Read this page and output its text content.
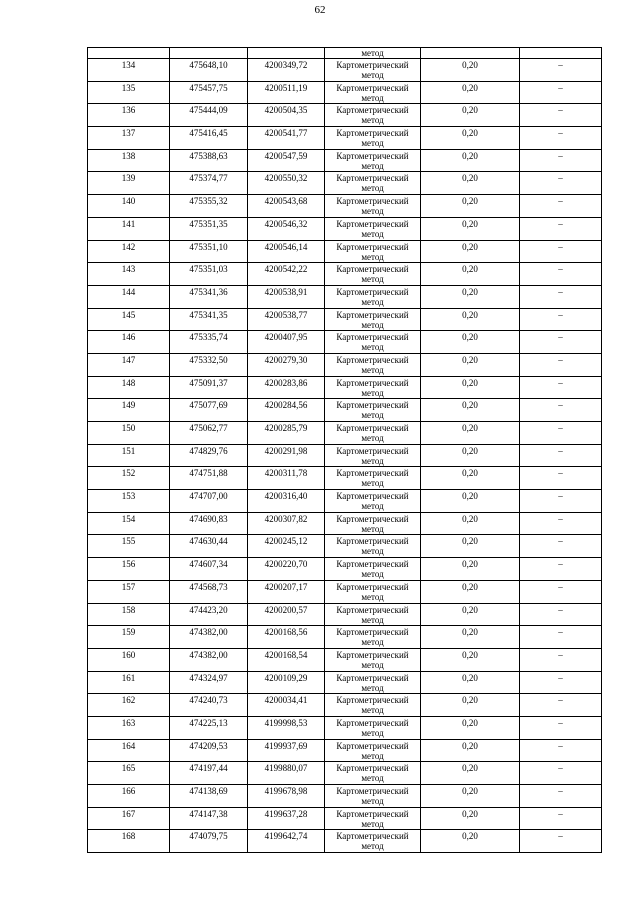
62
			метод		

134	475648,10	4200349,72	Картометрический
метод	0,20	–

135	475457,75	4200511,19	Картометрический
метод	0,20	–

136	475444,09	4200504,35	Картометрический
метод	0,20	–

137	475416,45	4200541,77	Картометрический
метод	0,20	–

138	475388,63	4200547,59	Картометрический
метод	0,20	–

139	475374,77	4200550,32	Картометрический
метод	0,20	–

140	475355,32	4200543,68	Картометрический
метод	0,20	–

141	475351,35	4200546,32	Картометрический
метод	0,20	–

142	475351,10	4200546,14	Картометрический
метод	0,20	–

143	475351,03	4200542,22	Картометрический
метод	0,20	–

144	475341,36	4200538,91	Картометрический
метод	0,20	–

145	475341,35	4200538,77	Картометрический
метод	0,20	–

146	475335,74	4200407,95	Картометрический
метод	0,20	–

147	475332,50	4200279,30	Картометрический
метод	0,20	–

148	475091,37	4200283,86	Картометрический
метод	0,20	–

149	475077,69	4200284,56	Картометрический
метод	0,20	–

150	475062,77	4200285,79	Картометрический
метод	0,20	–

151	474829,76	4200291,98	Картометрический
метод	0,20	–

152	474751,88	4200311,78	Картометрический
метод	0,20	–

153	474707,00	4200316,40	Картометрический
метод	0,20	–

154	474690,83	4200307,82	Картометрический
метод	0,20	–

155	474630,44	4200245,12	Картометрический
метод	0,20	–

156	474607,34	4200220,70	Картометрический
метод	0,20	–

157	474568,73	4200207,17	Картометрический
метод	0,20	–

158	474423,20	4200200,57	Картометрический
метод	0,20	–

159	474382,00	4200168,56	Картометрический
метод	0,20	–

160	474382,00	4200168,54	Картометрический
метод	0,20	–

161	474324,97	4200109,29	Картометрический
метод	0,20	–

162	474240,73	4200034,41	Картометрический
метод	0,20	–

163	474225,13	4199998,53	Картометрический
метод	0,20	–

164	474209,53	4199937,69	Картометрический
метод	0,20	–

165	474197,44	4199880,07	Картометрический
метод	0,20	–

166	474138,69	4199678,98	Картометрический
метод	0,20	–

167	474147,38	4199637,28	Картометрический
метод	0,20	–

168	474079,75	4199642,74	Картометрический
метод	0,20	–
